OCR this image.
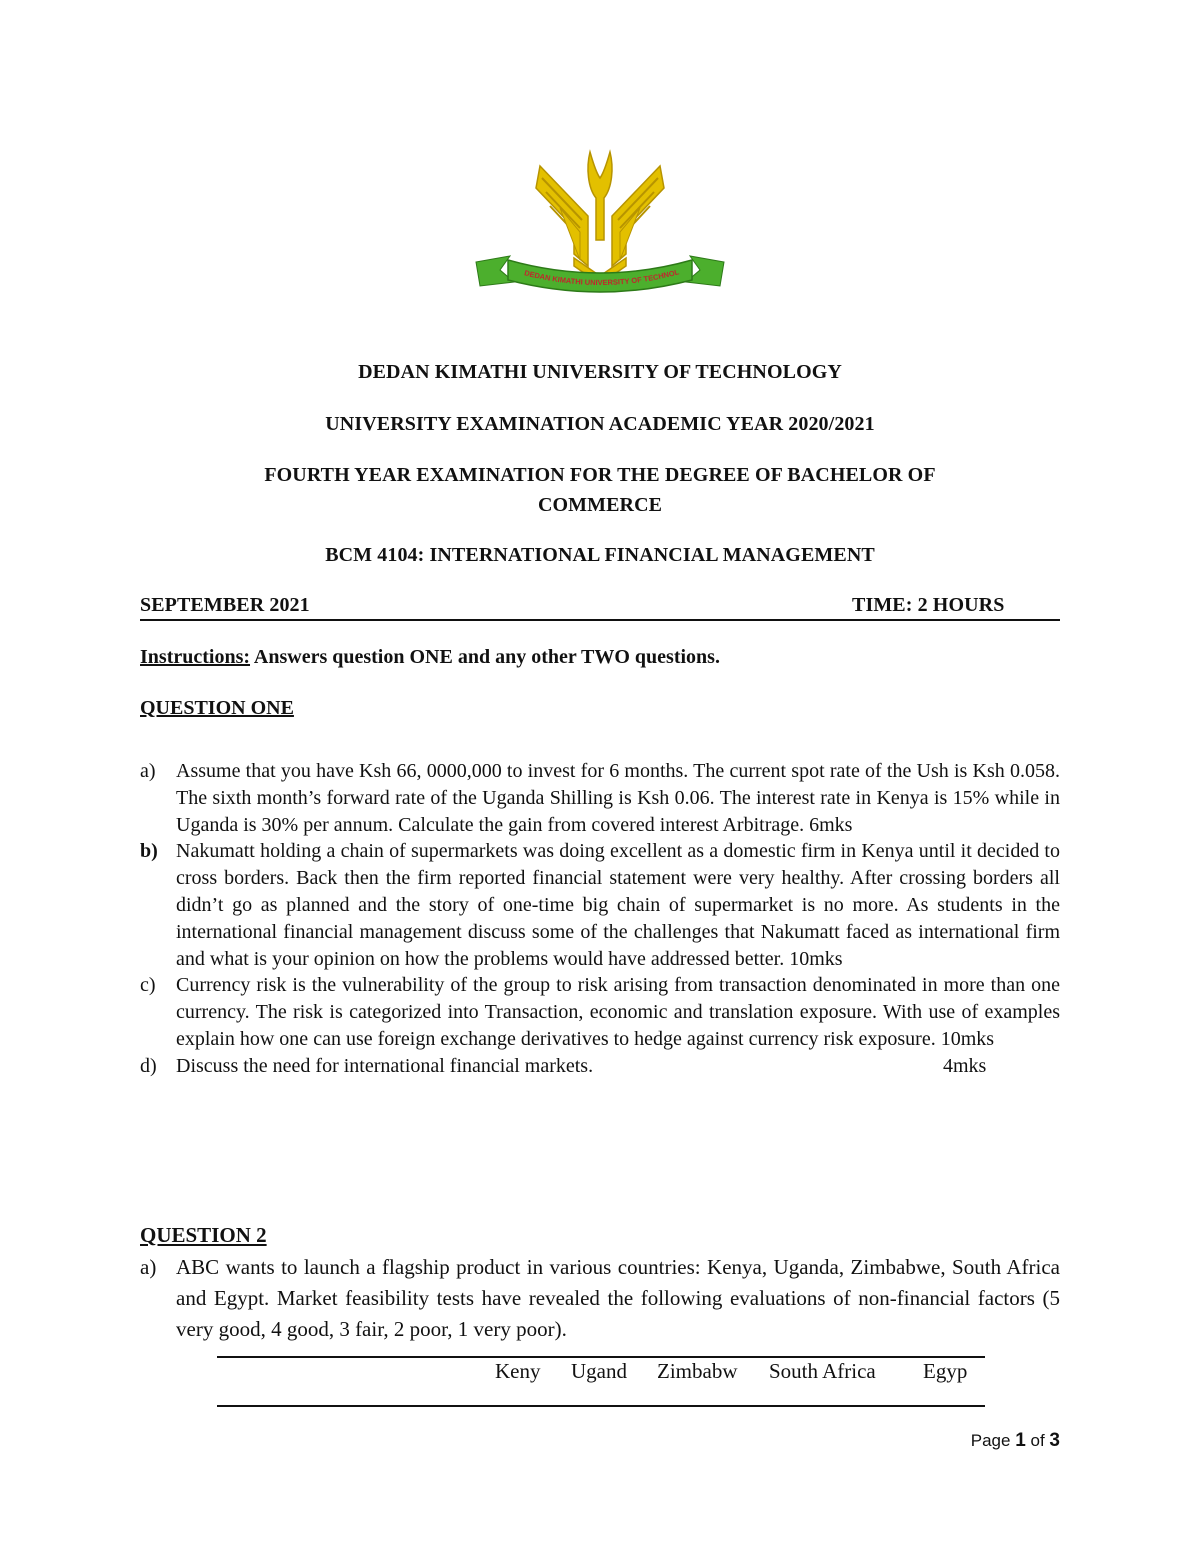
DEDAN KIMATHI UNIVERSITY OF TECHNOL
DEDAN KIMATHI UNIVERSITY OF TECHNOLOGY
UNIVERSITY EXAMINATION ACADEMIC YEAR 2020/2021
FOURTH YEAR EXAMINATION FOR THE DEGREE OF BACHELOR OF
COMMERCE
BCM 4104: INTERNATIONAL FINANCIAL MANAGEMENT
SEPTEMBER 2021	TIME: 2 HOURS
Instructions: Answers question ONE and any other TWO questions.
QUESTION ONE
a)	Assume that you have Ksh 66, 0000,000 to invest for 6 months. The current spot rate of the Ush is Ksh 0.058. The sixth month’s forward rate of the Uganda Shilling is Ksh 0.06. The interest rate in Kenya is 15% while in Uganda is 30% per annum. Calculate the gain from covered interest Arbitrage. 6mks
b) Nakumatt holding a chain of supermarkets was doing excellent as a domestic firm in Kenya until it decided to cross borders. Back then the firm reported financial statement were very healthy. After crossing borders all didn’t go as planned and the story of one-time big chain of supermarket is no more. As students in the international financial management discuss some of the challenges that Nakumatt faced as international firm and what is your opinion on how the problems would have addressed better. 10mks
c)	Currency risk is the vulnerability of the group to risk arising from transaction denominated in more than one currency. The risk is categorized into Transaction, economic and translation exposure. With use of examples explain how one can use foreign exchange derivatives to hedge against currency risk exposure. 10mks
d) Discuss the need for international financial markets.	4mks
QUESTION 2
a) ABC wants to launch a flagship product in various countries: Kenya, Uganda, Zimbabwe, South Africa and Egypt. Market feasibility tests have revealed the following evaluations of non-financial factors (5 very good, 4 good, 3 fair, 2 poor, 1 very poor).
Keny Ugand Zimbabw South Africa Egyp
Page 1 of 3
